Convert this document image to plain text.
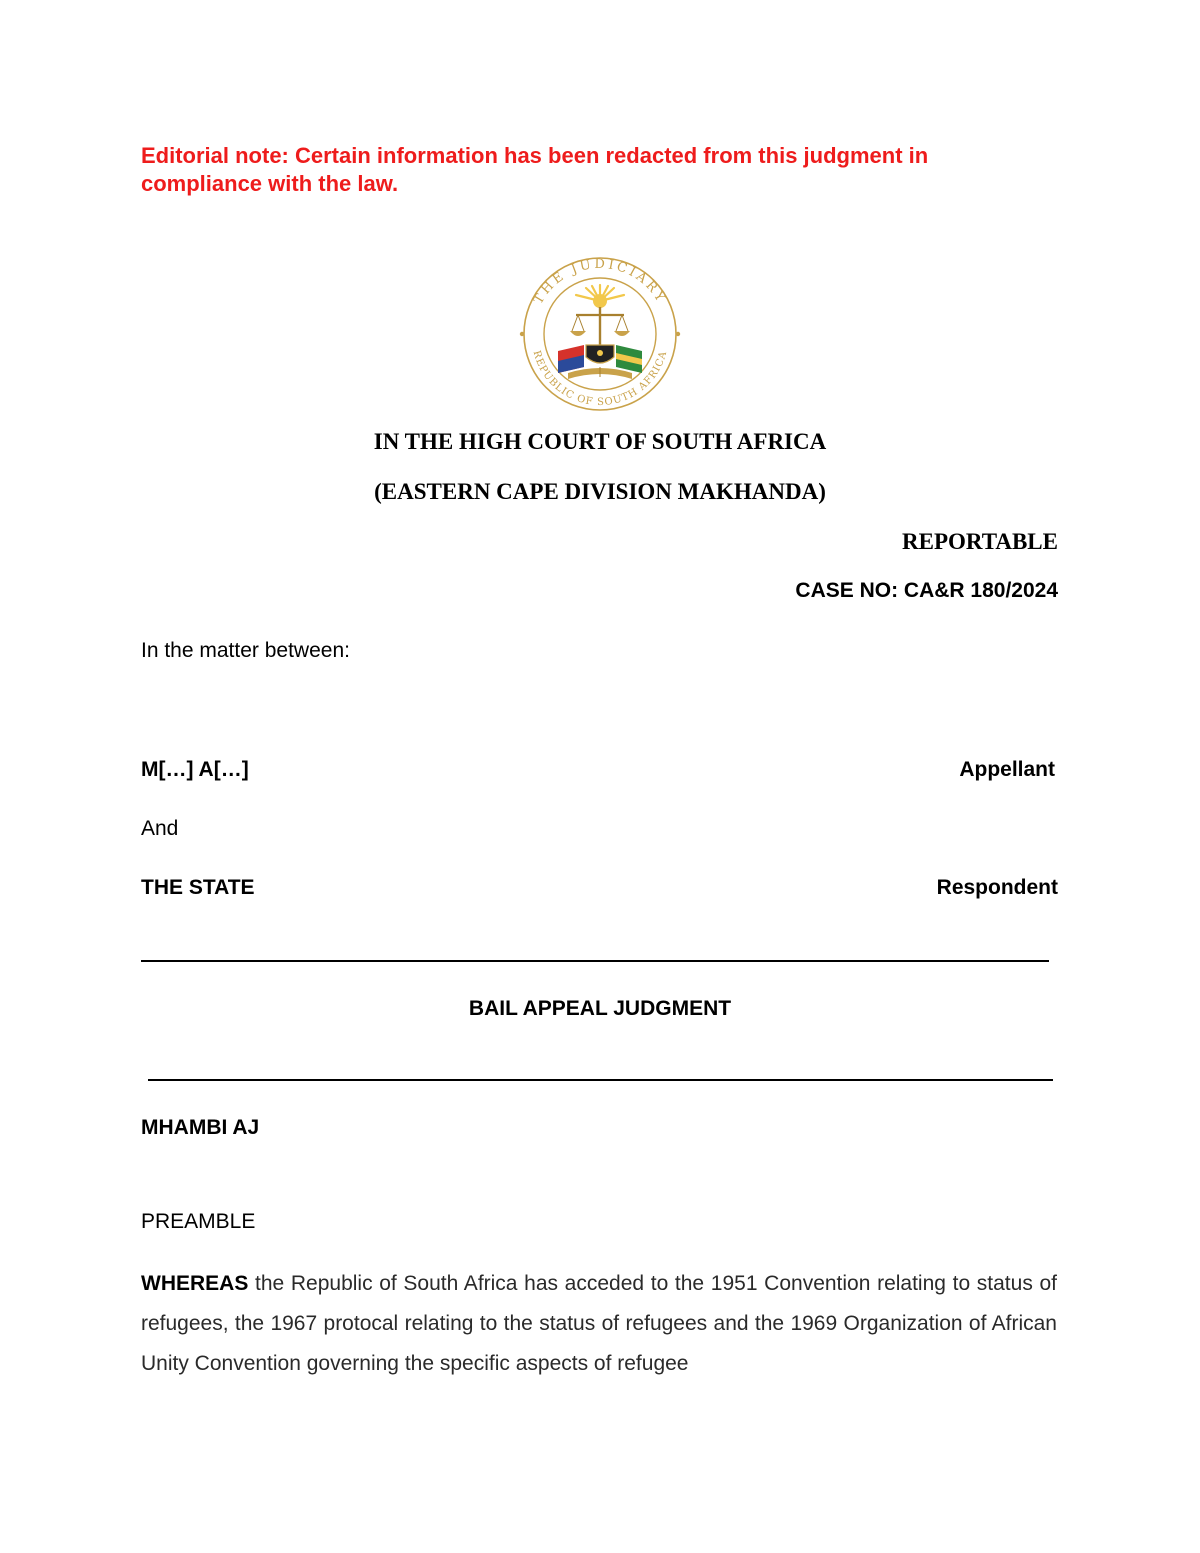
Editorial note: Certain information has been redacted from this judgment in compliance with the law.
THE JUDICIARY
REPUBLIC OF SOUTH AFRICA
IN THE HIGH COURT OF SOUTH AFRICA
(EASTERN CAPE DIVISION MAKHANDA)
REPORTABLE
CASE NO: CA&R 180/2024
In the matter between:
M[…] A[…]	Appellant
And
THE STATE	Respondent
BAIL APPEAL JUDGMENT
MHAMBI AJ
PREAMBLE
WHEREAS the Republic of South Africa has acceded to the 1951 Convention relating to status of refugees, the 1967 protocal relating to the status of refugees and the 1969 Organization of African Unity Convention governing the specific aspects of refugee
